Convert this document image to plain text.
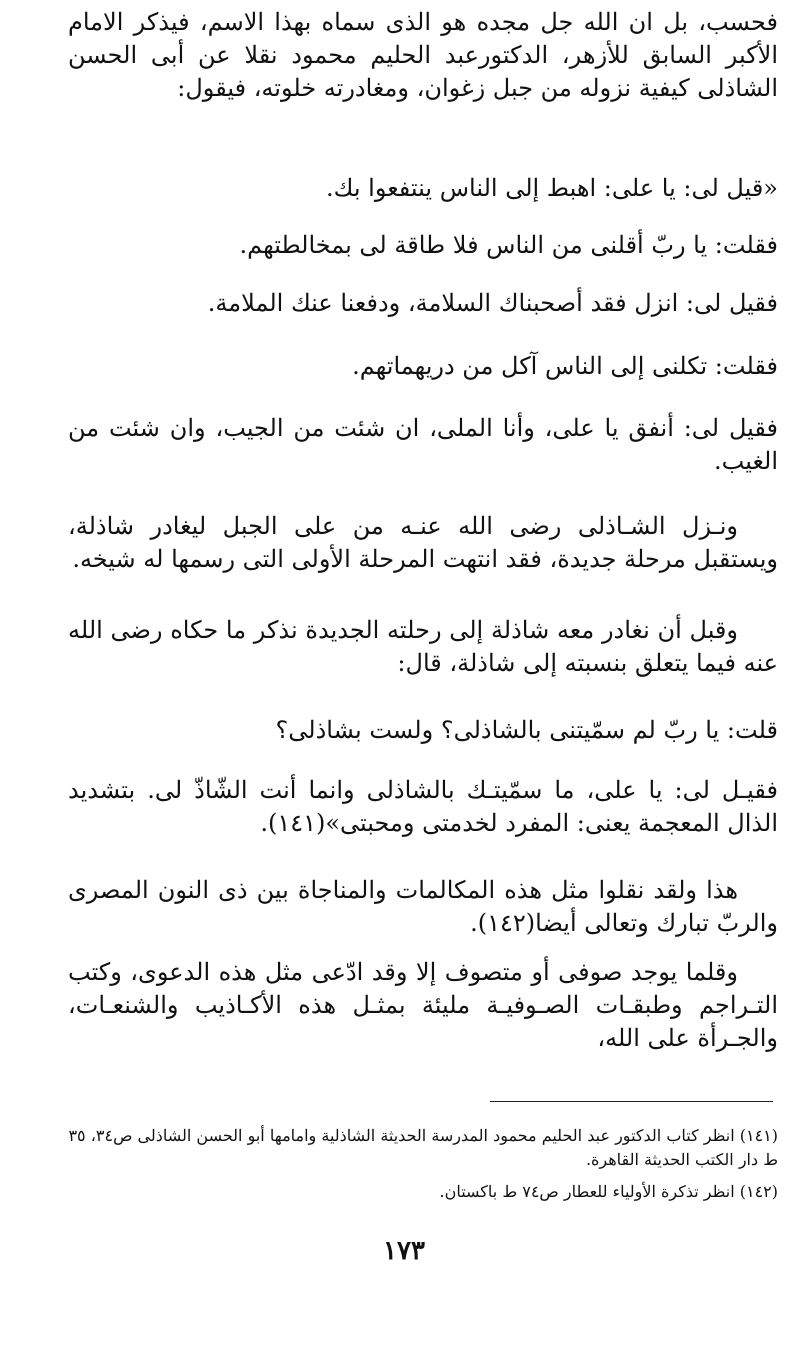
فحسب، بل ان الله جل مجده هو الذى سماه بهذا الاسم، فيذكر الامام الأكبر السابق للأزهر، الدكتورعبد الحليم محمود نقلا عن أبى الحسن الشاذلى كيفية نزوله من جبل زغوان، ومغادرته خلوته، فيقول:

«قيل لى: يا على: اهبط إلى الناس ينتفعوا بك.

فقلت: يا ربّ أقلنى من الناس فلا طاقة لى بمخالطتهم.

فقيل لى: انزل فقد أصحبناك السلامة، ودفعنا عنك الملامة.

فقلت: تكلنى إلى الناس آكل من دريهماتهم.

فقيل لى: أنفق يا على، وأنا الملى، ان شئت من الجيب، وان شئت من الغيب.

ونـزل الشـاذلى رضى الله عنـه من على الجبل ليغادر شاذلة، ويستقبل مرحلة جديدة، فقد انتهت المرحلة الأولى التى رسمها له شيخه.

وقبل أن نغادر معه شاذلة إلى رحلته الجديدة نذكر ما حكاه رضى الله عنه فيما يتعلق بنسبته إلى شاذلة، قال:

قلت: يا ربّ لم سمّيتنى بالشاذلى؟ ولست بشاذلى؟

فقيـل لى: يا على، ما سمّيتـك بالشاذلى وانما أنت الشّاذّ لى. بتشديد الذال المعجمة يعنى: المفرد لخدمتى ومحبتى»(١٤١).

هذا ولقد نقلوا مثل هذه المكالمات والمناجاة بين ذى النون المصرى والربّ تبارك وتعالى أيضا(١٤٢).

وقلما يوجد صوفى أو متصوف إلا وقد ادّعى مثل هذه الدعوى، وكتب التـراجم وطبقـات الصـوفيـة مليئة بمثـل هذه الأكـاذيب والشنعـات، والجـرأة على الله،

(١٤١) انظر كتاب الدكتور عبد الحليم محمود المدرسة الحديثة الشاذلية وامامها أبو الحسن الشاذلى ص٣٤، ٣٥ ط دار الكتب الحديثة القاهرة.

(١٤٢) انظر تذكرة الأولياء للعطار ص٧٤ ط باكستان.

١٧٣
